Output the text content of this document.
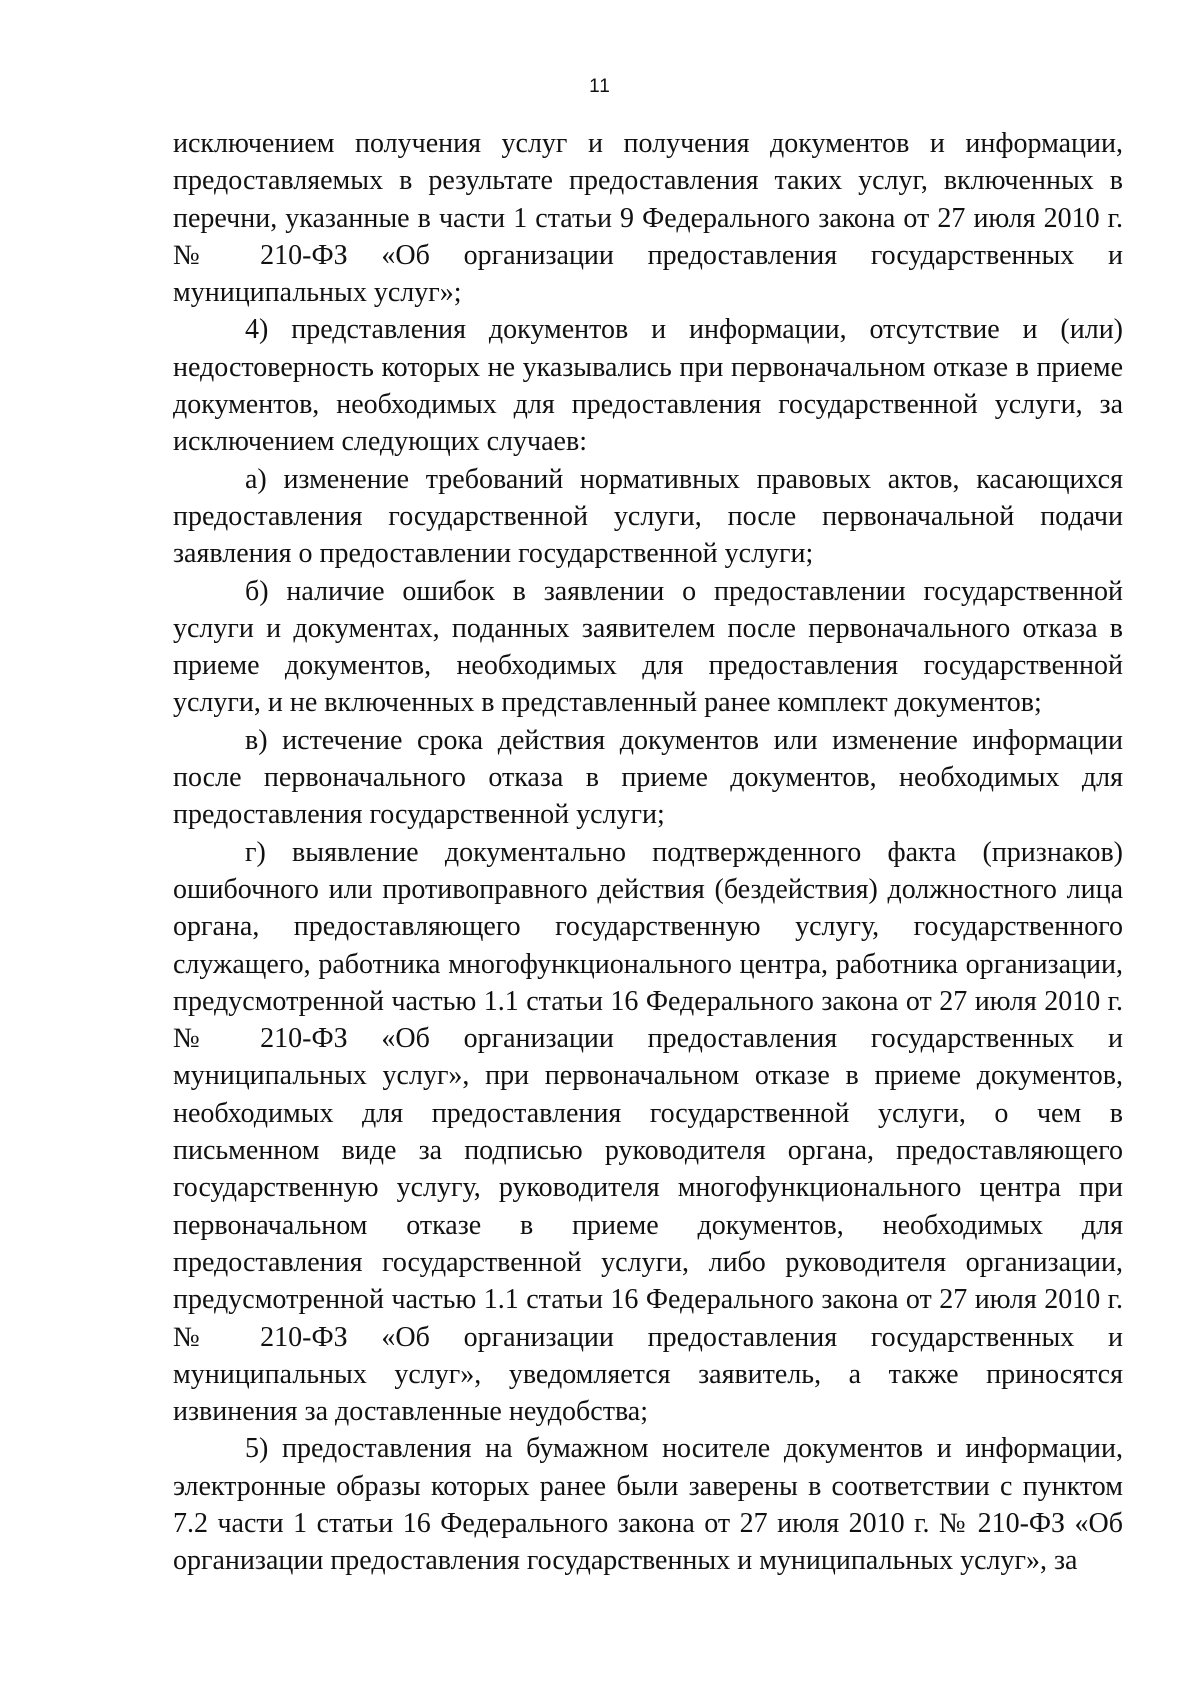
11

исключением получения услуг и получения документов и информации, предоставляемых в результате предоставления таких услуг, включенных в перечни, указанные в части 1 статьи 9 Федерального закона от 27 июля 2010 г. № 210-ФЗ «Об организации предоставления государственных и муниципальных услуг»;

4) представления документов и информации, отсутствие и (или) недостоверность которых не указывались при первоначальном отказе в приеме документов, необходимых для предоставления государственной услуги, за исключением следующих случаев:

а) изменение требований нормативных правовых актов, касающихся предоставления государственной услуги, после первоначальной подачи заявления о предоставлении государственной услуги;

б) наличие ошибок в заявлении о предоставлении государственной услуги и документах, поданных заявителем после первоначального отказа в приеме документов, необходимых для предоставления государственной услуги, и не включенных в представленный ранее комплект документов;

в) истечение срока действия документов или изменение информации после первоначального отказа в приеме документов, необходимых для предоставления государственной услуги;

г) выявление документально подтвержденного факта (признаков) ошибочного или противоправного действия (бездействия) должностного лица органа, предоставляющего государственную услугу, государственного служащего, работника многофункционального центра, работника организации, предусмотренной частью 1.1 статьи 16 Федерального закона от 27 июля 2010 г. № 210-ФЗ «Об организации предоставления государственных и муниципальных услуг», при первоначальном отказе в приеме документов, необходимых для предоставления государственной услуги, о чем в письменном виде за подписью руководителя органа, предоставляющего государственную услугу, руководителя многофункционального центра при первоначальном отказе в приеме документов, необходимых для предоставления государственной услуги, либо руководителя организации, предусмотренной частью 1.1 статьи 16 Федерального закона от 27 июля 2010 г. № 210-ФЗ «Об организации предоставления государственных и муниципальных услуг», уведомляется заявитель, а также приносятся извинения за доставленные неудобства;

5) предоставления на бумажном носителе документов и информации, электронные образы которых ранее были заверены в соответствии с пунктом 7.2 части 1 статьи 16 Федерального закона от 27 июля 2010 г. № 210-ФЗ «Об организации предоставления государственных и муниципальных услуг», за
